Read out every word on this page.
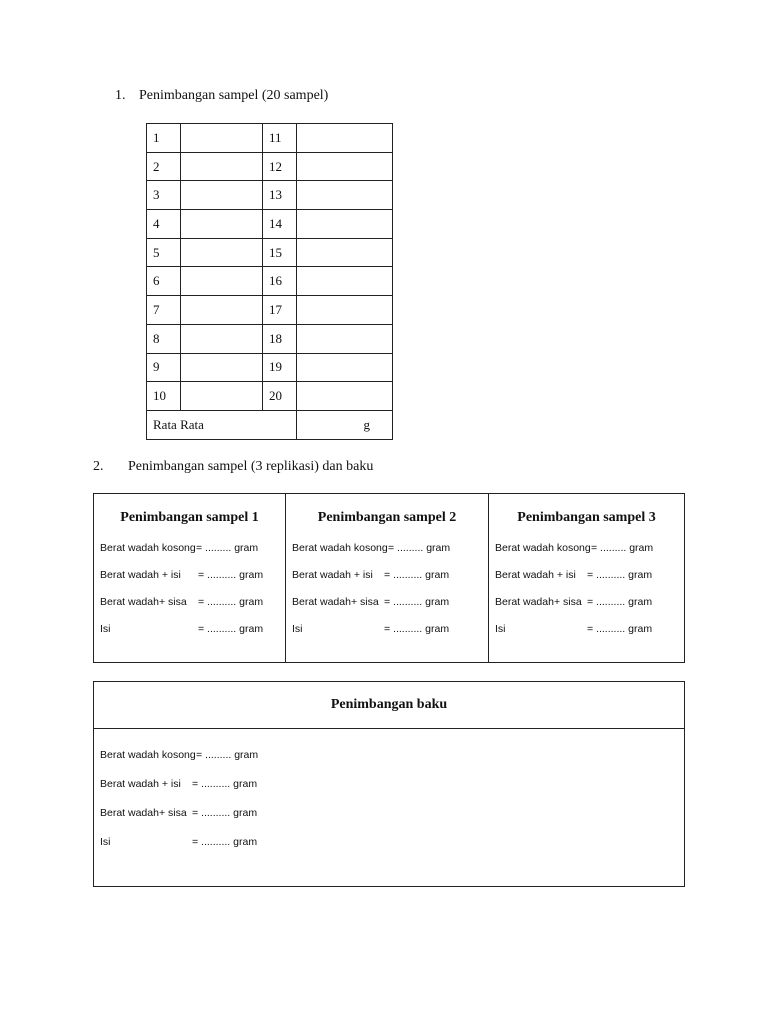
1. Penimbangan sampel (20 sampel)
1		11	
2		12	
3		13	
4		14	
5		15	
6		16	
7		17	
8		18	
9		19	
10		20	
Rata Rata			g
2. Penimbangan sampel (3 replikasi) dan baku
Penimbangan sampel 1
Berat wadah kosong = ......... gram
Berat wadah + isi = .......... gram
Berat wadah+ sisa = .......... gram
Isi	= .......... gram
Penimbangan sampel 2
Berat wadah kosong = ......... gram
Berat wadah + isi = .......... gram
Berat wadah+ sisa = .......... gram
Isi	= .......... gram
Penimbangan sampel 3
Berat wadah kosong = ......... gram
Berat wadah + isi = .......... gram
Berat wadah+ sisa = .......... gram
Isi	= .......... gram
Penimbangan baku
Berat wadah kosong = ......... gram
Berat wadah + isi = .......... gram
Berat wadah+ sisa = .......... gram
Isi	= .......... gram
